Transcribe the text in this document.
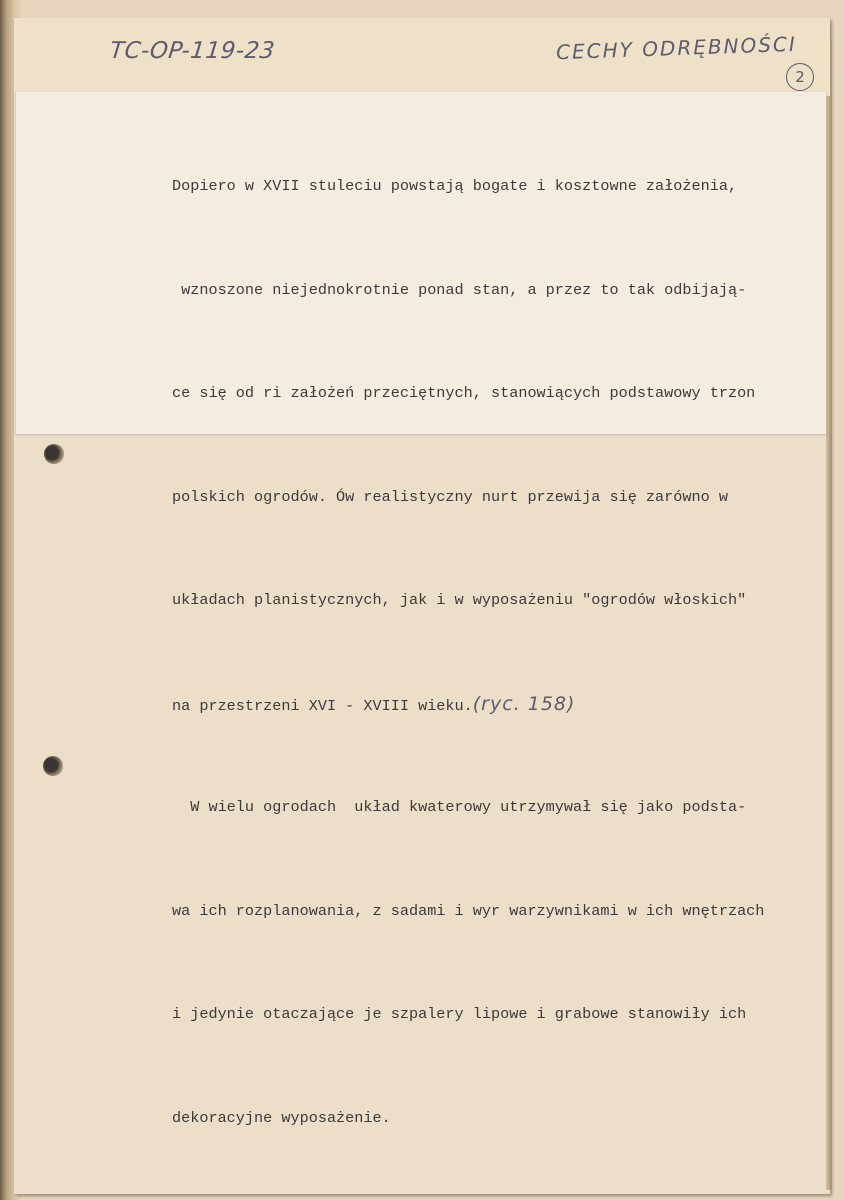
TC-OP-119-23	CECHY ODRĘBNOŚCI
2

Dopiero w XVII stuleciu powstają bogate i kosztowne założenia,

wznoszone niejednokrotnie ponad stan, a przez to tak odbijają-

ce się od ri założeń przeciętnych, stanowiących podstawowy trzon

polskich ogrodów. Ów realistyczny nurt przewija się zarówno w

układach planistycznych, jak i w wyposażeniu "ogrodów włoskich"

na przestrzeni XVI - XVIII wieku.(ryc. 158)

W wielu ogrodach  układ kwaterowy utrzymywał się jako podsta-

wa ich rozplanowania, z sadami i wyr warzywnikami w ich wnętrzach

i jedynie otaczające je szpalery lipowe i grabowe stanowiły ich

dekoracyjne wyposażenie.
